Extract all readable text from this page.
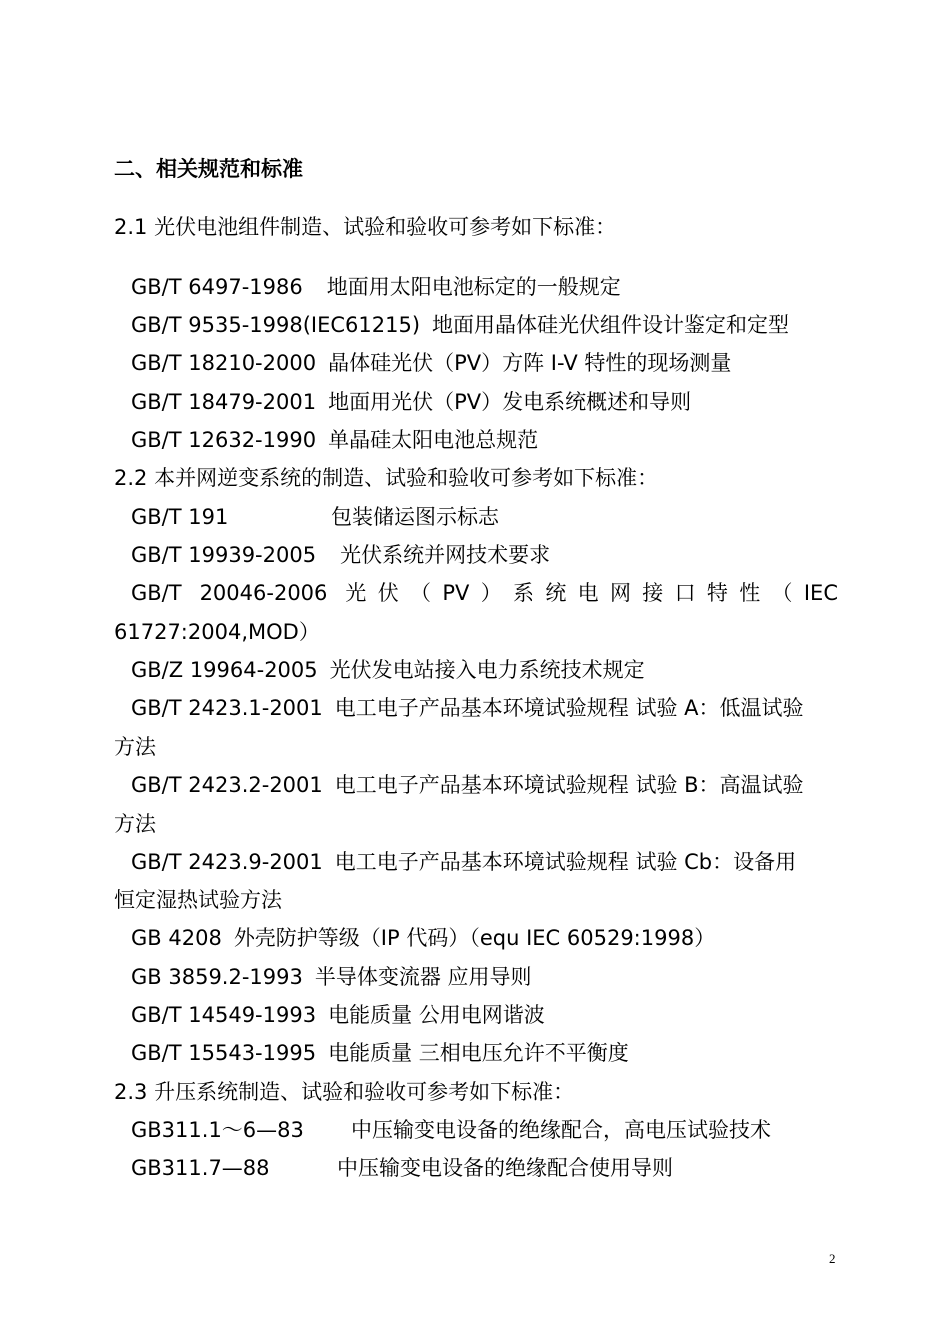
二、相关规范和标准
2.1 光伏电池组件制造、试验和验收可参考如下标准：
GB/T 6497-1986 地面用太阳电池标定的一般规定
GB/T 9535-1998(IEC61215) 地面用晶体硅光伏组件设计鉴定和定型
GB/T 18210-2000 晶体硅光伏（PV）方阵 I-V 特性的现场测量
GB/T 18479-2001 地面用光伏（PV）发电系统概述和导则
GB/T 12632-1990 单晶硅太阳电池总规范
2.2 本并网逆变系统的制造、试验和验收可参考如下标准：
GB/T 191	包装储运图示标志
GB/T 19939-2005 光伏系统并网技术要求
GB/T 20046-2006 光伏（PV）系统电网接口特性（IEC
61727:2004,MOD）
GB/Z 19964-2005 光伏发电站接入电力系统技术规定
GB/T 2423.1-2001 电工电子产品基本环境试验规程 试验 A：低温试验
方法
GB/T 2423.2-2001 电工电子产品基本环境试验规程 试验 B：高温试验
方法
GB/T 2423.9-2001 电工电子产品基本环境试验规程 试验 Cb：设备用
恒定湿热试验方法
GB 4208 外壳防护等级（IP 代码）（equ IEC 60529:1998）
GB 3859.2-1993 半导体变流器 应用导则
GB/T 14549-1993 电能质量 公用电网谐波
GB/T 15543-1995 电能质量 三相电压允许不平衡度
2.3 升压系统制造、试验和验收可参考如下标准：
GB311.1～6—83 中压输变电设备的绝缘配合，高电压试验技术
GB311.7—88	中压输变电设备的绝缘配合使用导则
2
